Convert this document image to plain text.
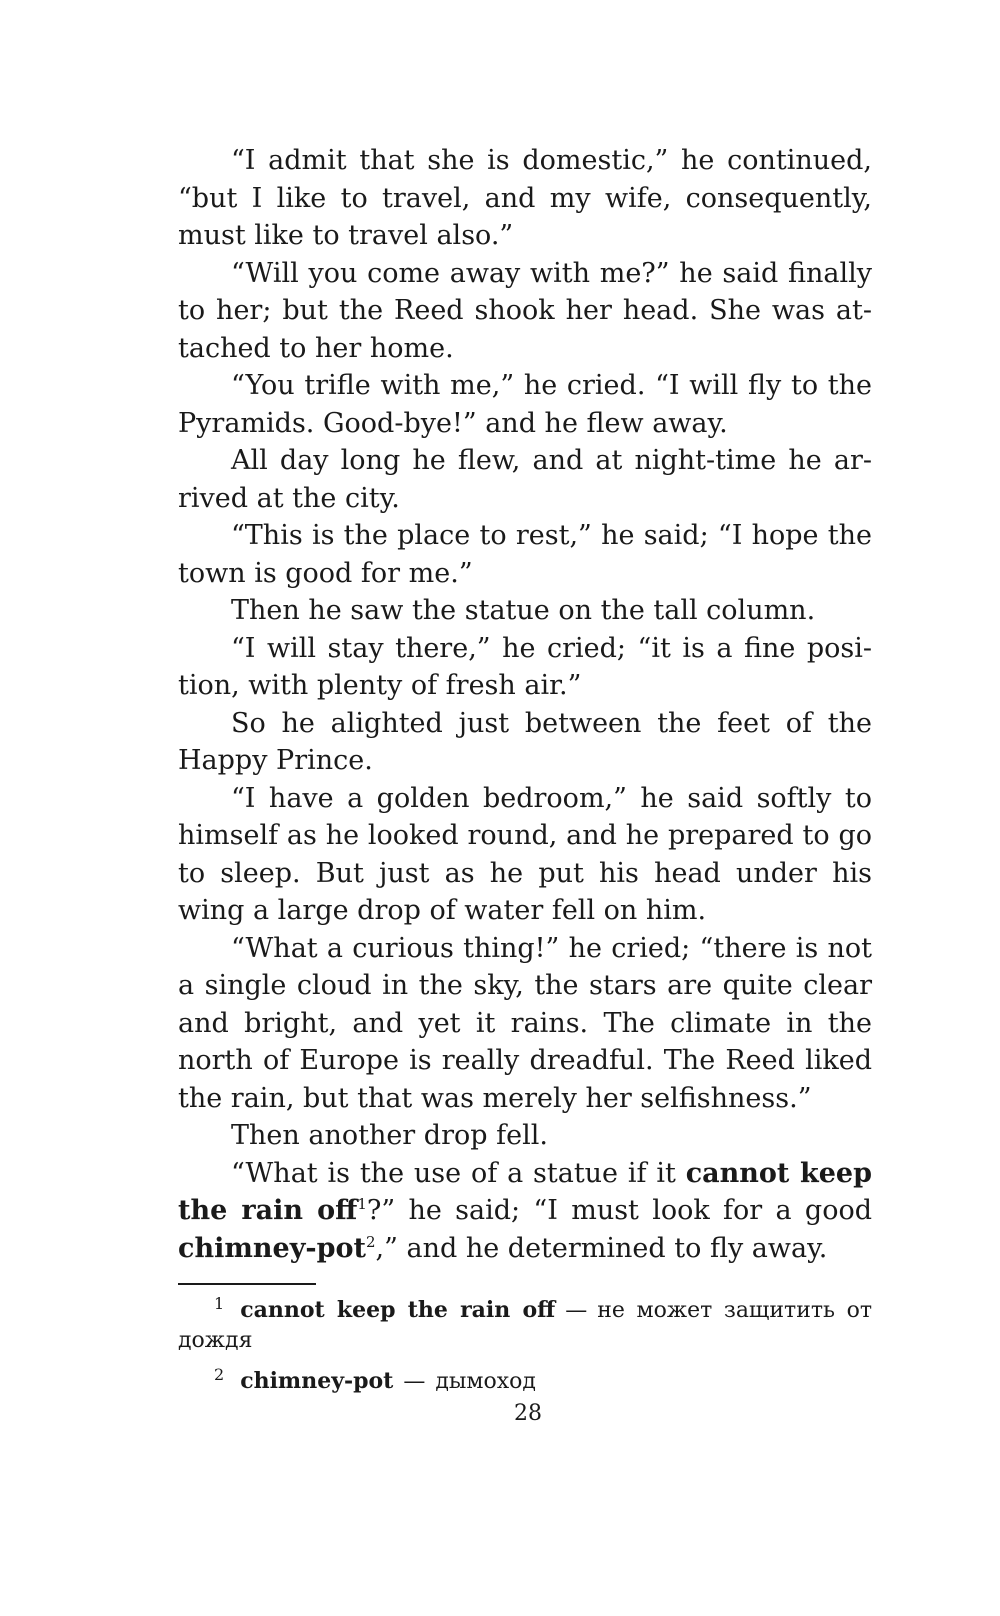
“I admit that she is domestic,” he continued, “but I like to travel, and my wife, consequently, must like to travel also.”

“Will you come away with me?” he said finally to her; but the Reed shook her head. She was attached to her home.

“You trifle with me,” he cried. “I will fly to the Pyramids. Good-bye!” and he flew away.

All day long he flew, and at night-time he arrived at the city.

“This is the place to rest,” he said; “I hope the town is good for me.”

Then he saw the statue on the tall column.

“I will stay there,” he cried; “it is a fine position, with plenty of fresh air.”

So he alighted just between the feet of the Happy Prince.

“I have a golden bedroom,” he said softly to himself as he looked round, and he prepared to go to sleep. But just as he put his head under his wing a large drop of water fell on him.

“What a curious thing!” he cried; “there is not a single cloud in the sky, the stars are quite clear and bright, and yet it rains. The climate in the north of Europe is really dreadful. The Reed liked the rain, but that was merely her selfishness.”

Then another drop fell.

“What is the use of a statue if it cannot keep the rain off$^1$?” he said; “I must look for a good chimney-pot$^2$,” and he determined to fly away.

$^1$ cannot keep the rain off — не может защитить от дождя

$^2$ chimney-pot — дымоход

28
